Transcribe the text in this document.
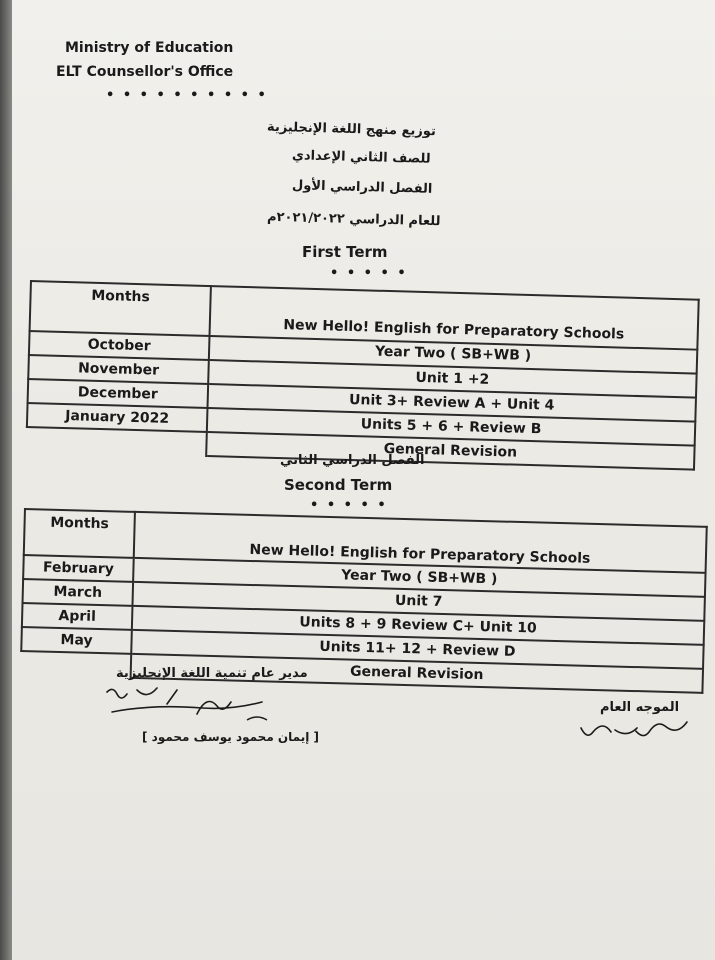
Ministry of Education
ELT Counsellor's Office
• • • • • • • • • •
توزيع منهج اللغة الإنجليزية
للصف الثاني الإعدادي
الفصل الدراسي الأول
للعام الدراسي ٢٠٢١/٢٠٢٢م
First Term
• • • • •
Months	New Hello! English for Preparatory Schools

October	Year Two ( SB+WB )

November	Unit 1 +2
December	Unit 3+ Review A + Unit 4
January 2022	Units 5 + 6 + Review B
	General Revision
الفصل الدراسي الثاني
Second Term
• • • • •
Months	New Hello! English for Preparatory Schools

February	Year Two ( SB+WB )

March	Unit 7
April	Units 8 + 9 Review C+ Unit 10
May	Units 11+ 12 + Review D
	General Revision
مدير عام تنمية اللغة الإنجليزية
[ إيمان محمود يوسف محمود ]
الموجه العام
